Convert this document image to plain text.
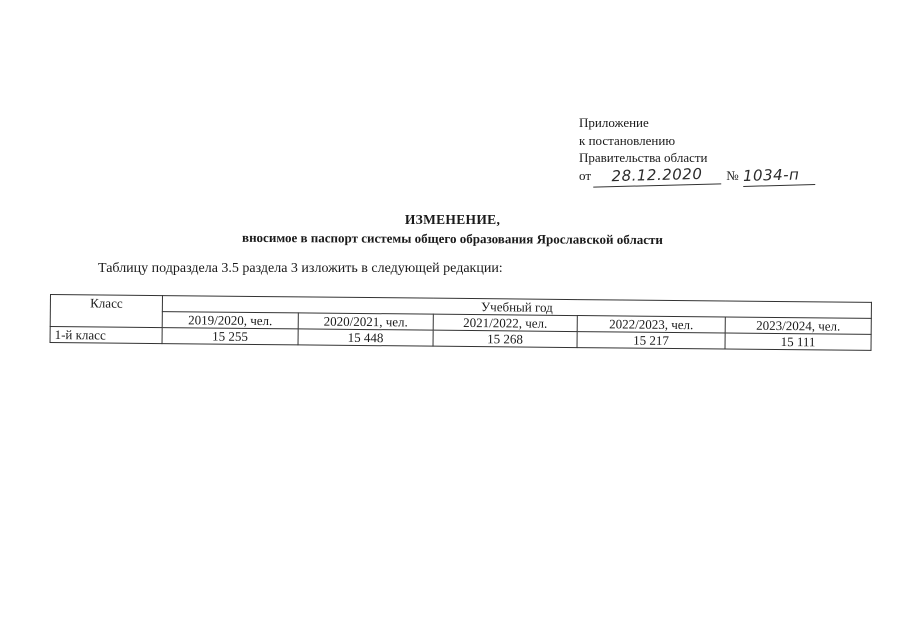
Приложение
к постановлению
Правительства области
от 28.12.2020 № 1034-п
ИЗМЕНЕНИЕ,
вносимое в паспорт системы общего образования Ярославской области
Таблицу подраздела 3.5 раздела 3 изложить в следующей редакции:
Класс	Учебный год				
	2019/2020, чел.	2020/2021, чел.	2021/2022, чел.	2022/2023, чел.	2023/2024, чел.
1-й класс	15 255	15 448	15 268	15 217	15 111
